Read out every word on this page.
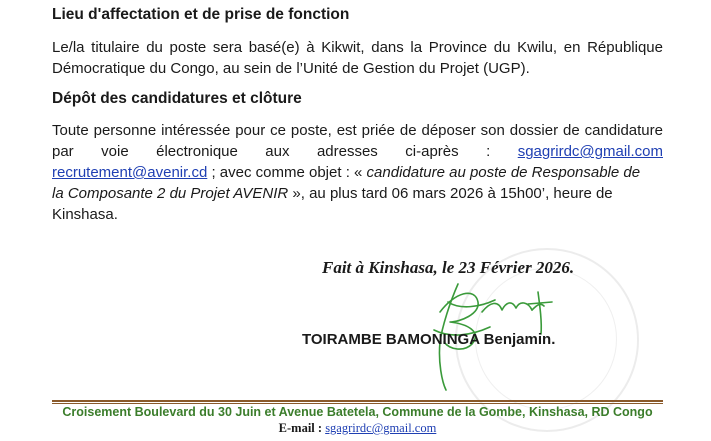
Lieu d'affectation et de prise de fonction

Le/la titulaire du poste sera basé(e) à Kikwit, dans la Province du Kwilu, en République
Démocratique du Congo, au sein de l’Unité de Gestion du Projet (UGP).

Dépôt des candidatures et clôture

Toute personne intéressée pour ce poste, est priée de déposer son dossier de candidature
par voie électronique aux adresses ci-après : sgagrirdc@gmail.com
recrutement@avenir.cd ; avec comme objet : « candidature au poste de Responsable de
la Composante 2 du Projet AVENIR », au plus tard 06 mars 2026 à 15h00’, heure de
Kinshasa.

Fait à Kinshasa, le 23 Février 2026.

TOIRAMBE BAMONINGA Benjamin.

Croisement Boulevard du 30 Juin et Avenue Batetela, Commune de la Gombe, Kinshasa, RD Congo

E-mail : sgagrirdc@gmail.com
